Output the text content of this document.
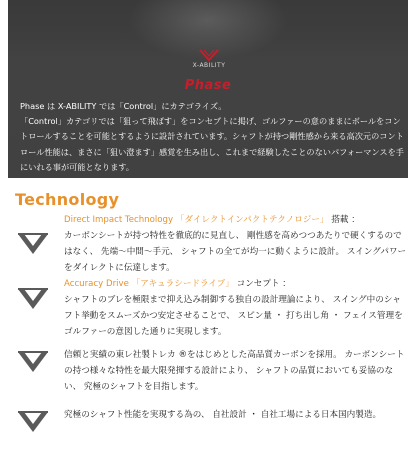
X-ABILITY
Phase

Phase は X-ABILITY では「Control」にカテゴライズ。

「Control」カテゴリでは「狙って飛ばす」をコンセプトに掲げ、ゴルファーの意のままにボールをコントロールすることを可能とするように設計されています。シャフトが持つ剛性感から来る高次元のコントロール性能は、まさに「狙い澄ます」感覚を生み出し、これまで経験したことのないパフォーマンスを手にいれる事が可能となります。

Technology

Direct Impact Technology 「ダイレクトインパクトテクノロジー」 搭載 ：

カーボンシートが持つ特性を徹底的に見直し、 剛性感を高めつつあたりで硬くするのではなく、 先端〜中間〜手元、 シャフトの全てが均一に動くように設計。 スイングパワーをダイレクトに伝達します。

Accuracy Drive 「アキュラシードライブ」 コンセプト ：

シャフトのブレを極限まで抑え込み制御する独自の設計理論により、 スイング中のシャフト挙動をスムーズかつ安定させることで、 スピン量 ・ 打ち出し角 ・ フェイス管理をゴルファーの意図した通りに実現します。

信頼と実績の東レ社製トレカ ®をはじめとした高品質カーボンを採用。 カーボンシートの持つ様々な特性を最大限発揮する設計により、 シャフトの品質においても妥協のない、 究極のシャフトを目指します。

究極のシャフト性能を実現する為の、 自社設計 ・ 自社工場による日本国内製造。
